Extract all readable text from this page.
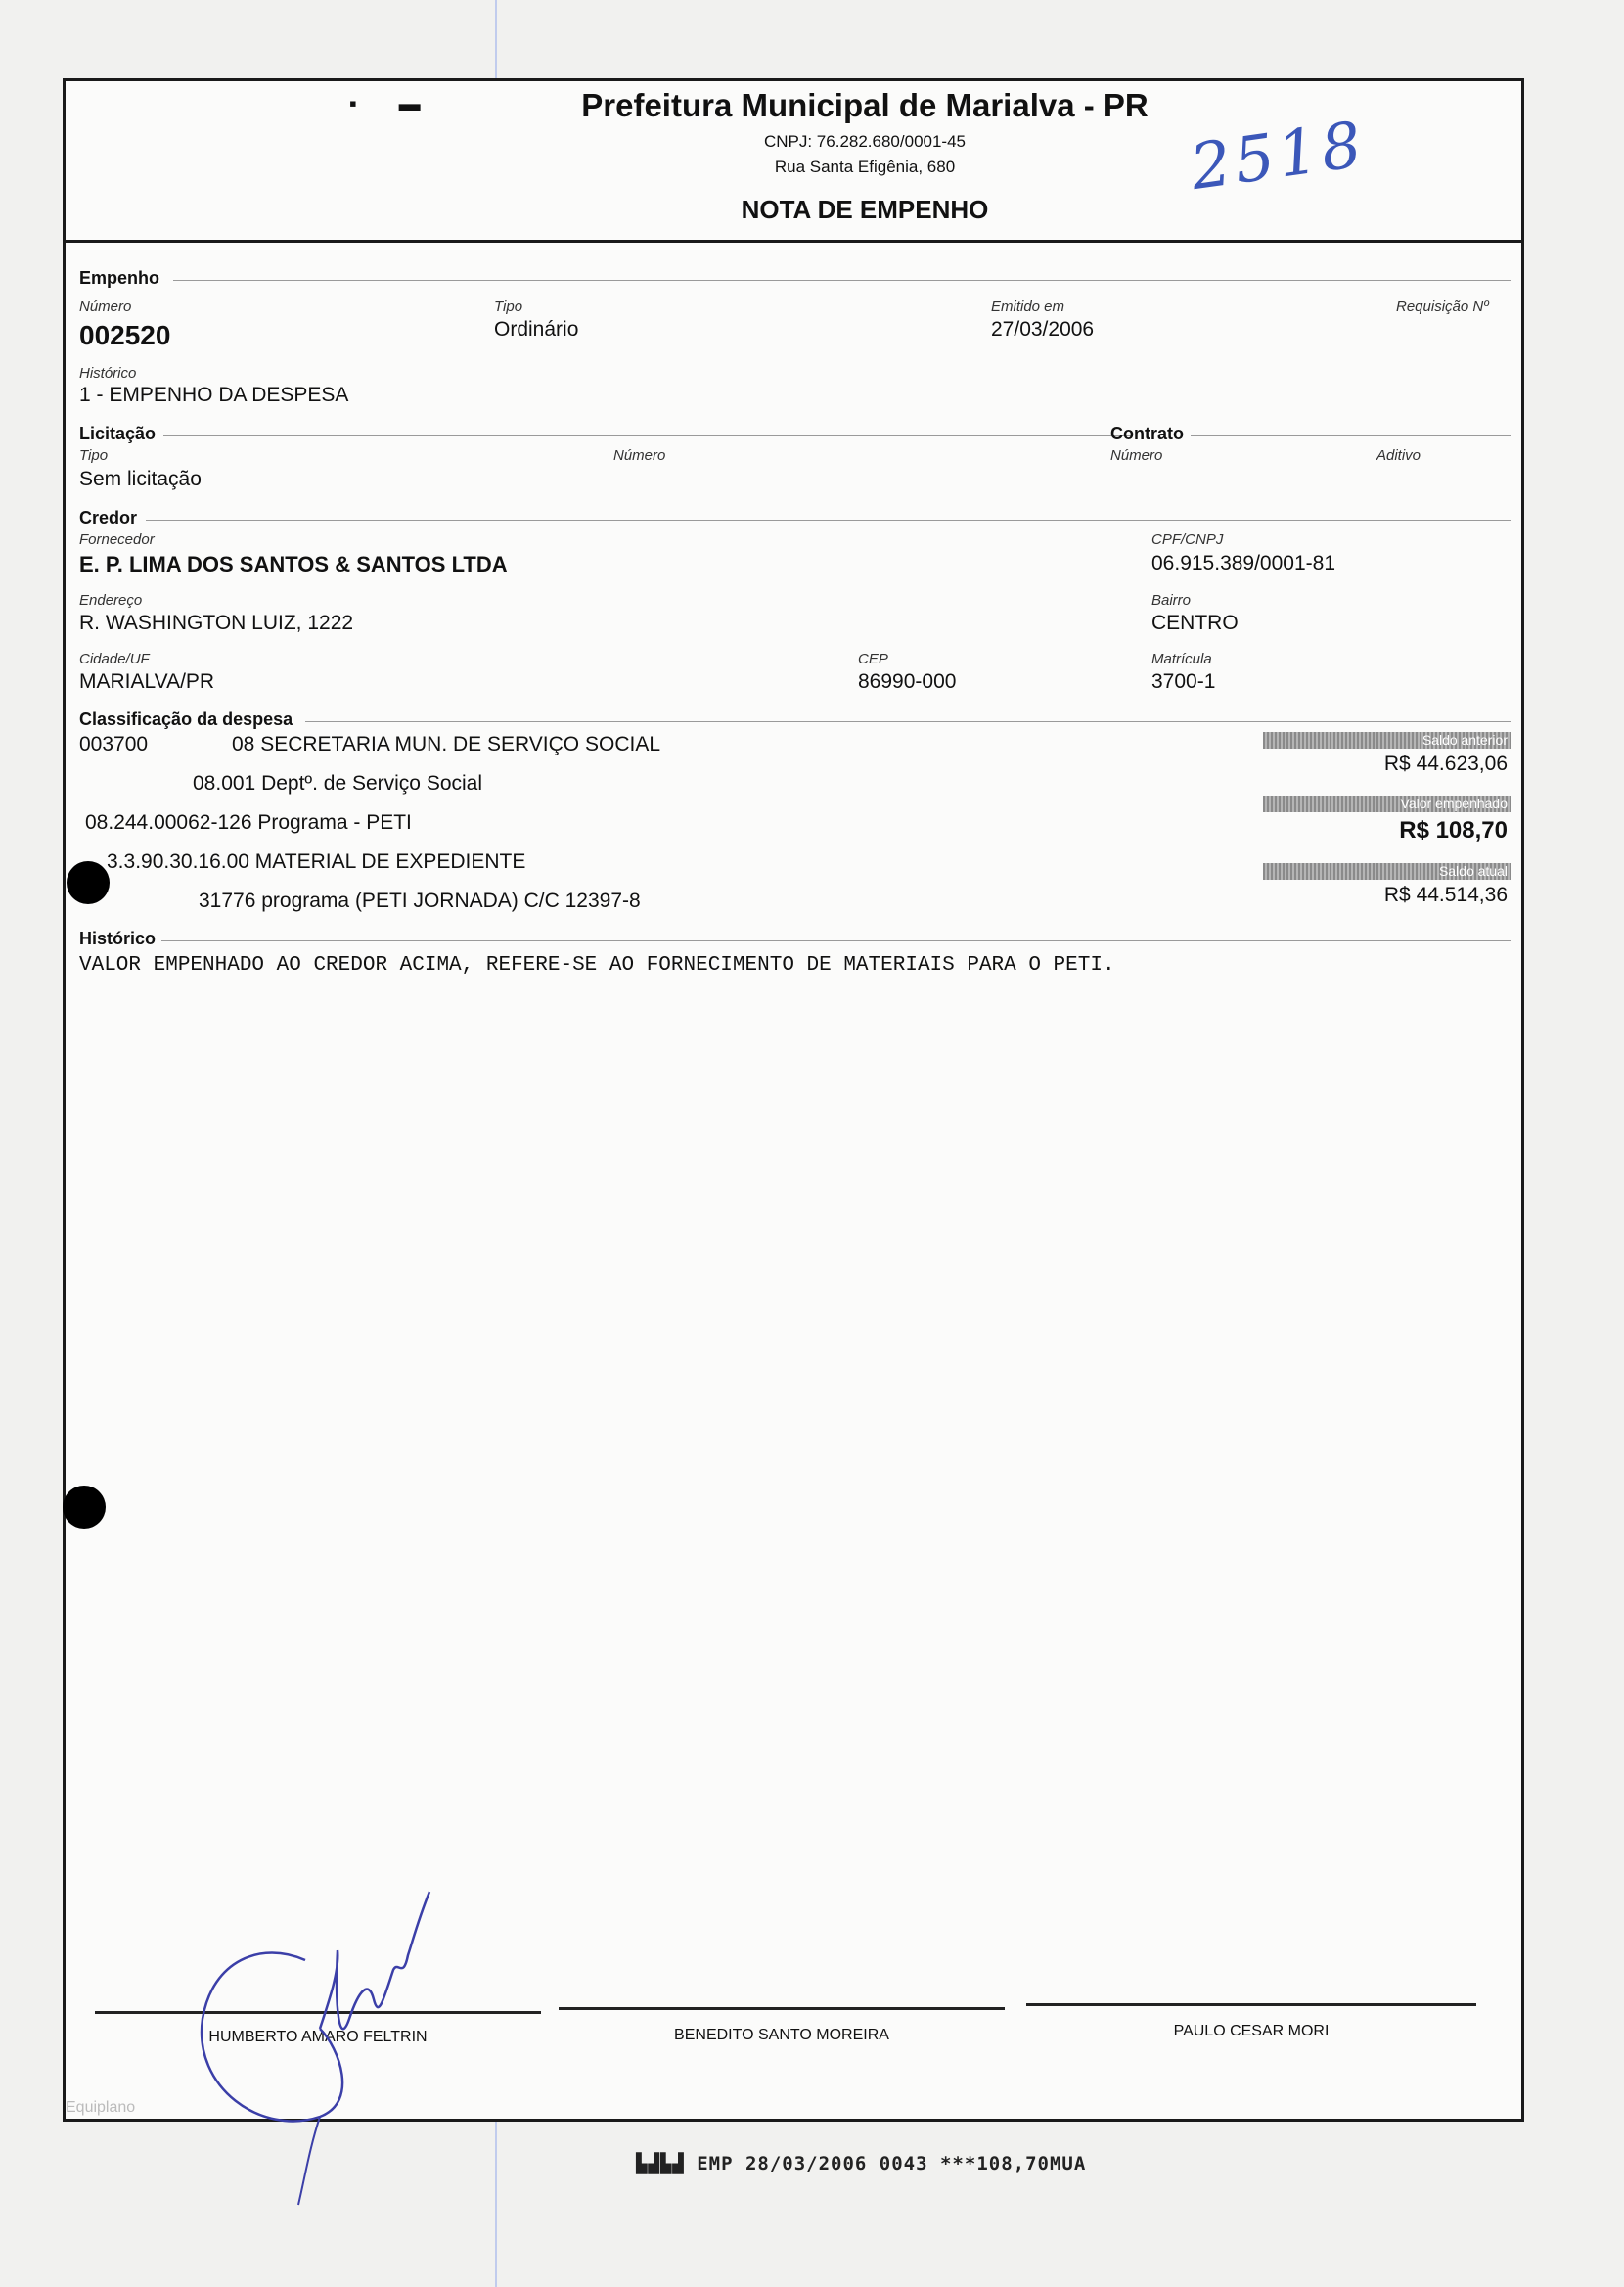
▪       ▬	Prefeitura Municipal de Marialva - PR
CNPJ: 76.282.680/0001-45
Rua Santa Efigênia, 680
NOTA DE EMPENHO
2518
Empenho
Número
002520
Tipo
Ordinário
Emitido em
27/03/2006
Requisição Nº
Histórico
1 - EMPENHO DA DESPESA
Licitação	Contrato
Tipo
Sem licitação
Número	Número	Aditivo
Credor
Fornecedor
E. P. LIMA DOS SANTOS & SANTOS LTDA
CPF/CNPJ
06.915.389/0001-81
Endereço
R. WASHINGTON LUIZ, 1222
Bairro
CENTRO
Cidade/UF
MARIALVA/PR
CEP
86990-000
Matrícula
3700-1
Classificação da despesa
003700	08 SECRETARIA MUN. DE SERVIÇO SOCIAL
08.001 Deptº. de Serviço Social
08.244.00062-126 Programa - PETI
3.3.90.30.16.00 MATERIAL DE EXPEDIENTE
31776 programa (PETI JORNADA) C/C 12397-8
Saldo anterior
R$ 44.623,06
Valor empenhado
R$ 108,70
Saldo atual
R$ 44.514,36
Histórico
VALOR EMPENHADO AO CREDOR ACIMA, REFERE-SE AO FORNECIMENTO DE MATERIAIS PARA O PETI.
HUMBERTO AMARO FELTRIN	BENEDITO SANTO MOREIRA	PAULO CESAR MORI
Equiplano
▙▟▙▟ EMP 28/03/2006 0043 ***108,70MUA
